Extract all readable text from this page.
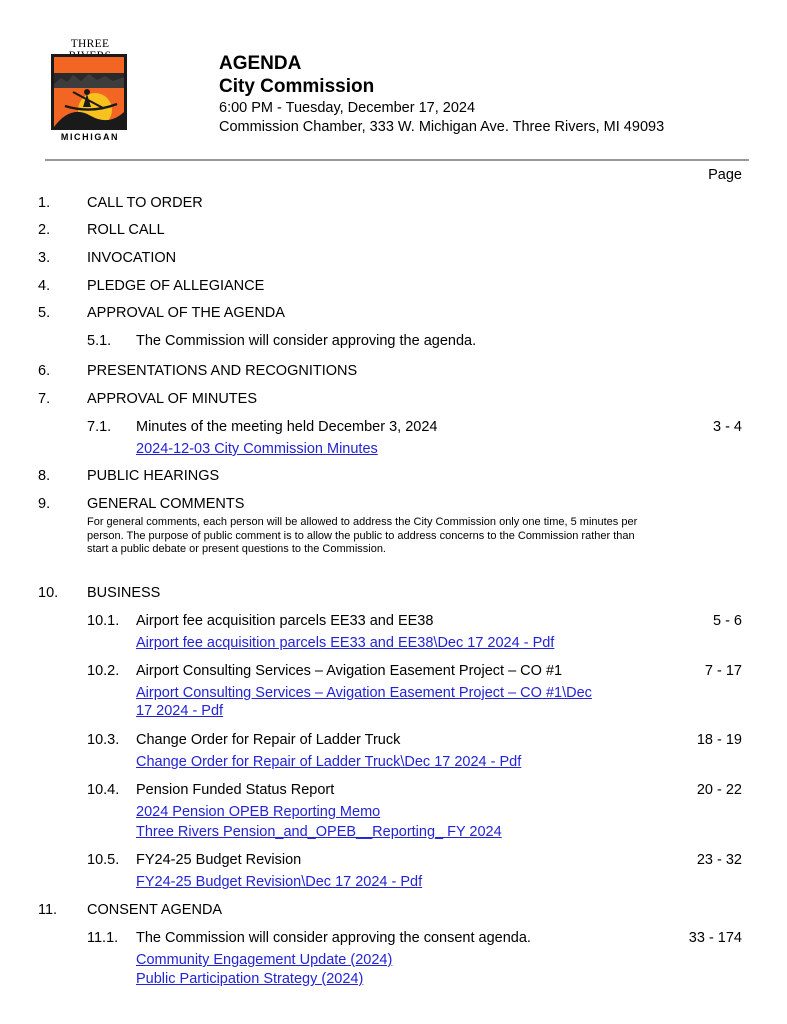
THREE
MICHIGAN
AGENDA
City Commission
6:00 PM - Tuesday, December 17, 2024
Commission Chamber, 333 W. Michigan Ave. Three Rivers, MI 49093
Page
1.	CALL TO ORDER
2.	ROLL CALL
3.	INVOCATION
4.	PLEDGE OF ALLEGIANCE
5.	APPROVAL OF THE AGENDA
5.1. The Commission will consider approving the agenda.
6.	PRESENTATIONS AND RECOGNITIONS
7.	APPROVAL OF MINUTES
7.1. Minutes of the meeting held December 3, 2024	3 - 4
2024-12-03 City Commission Minutes
8.	PUBLIC HEARINGS
9.	GENERAL COMMENTS
For general comments, each person will be allowed to address the City Commission only one time, 5 minutes per person. The purpose of public comment is to allow the public to address concerns to the Commission rather than start a public debate or present questions to the Commission.
10. BUSINESS
10.1. Airport fee acquisition parcels EE33 and EE38	5 - 6
Airport fee acquisition parcels EE33 and EE38\Dec 17 2024 - Pdf
10.2. Airport Consulting Services – Avigation Easement Project – CO #1	7 - 17
Airport Consulting Services – Avigation Easement Project – CO #1\Dec
17 2024 - Pdf
10.3. Change Order for Repair of Ladder Truck	18 - 19
Change Order for Repair of Ladder Truck\Dec 17 2024 - Pdf
10.4. Pension Funded Status Report	20 - 22
2024 Pension OPEB Reporting Memo
Three Rivers Pension_and_OPEB__Reporting_ FY 2024
10.5. FY24-25 Budget Revision	23 - 32
FY24-25 Budget Revision\Dec 17 2024 - Pdf
11. CONSENT AGENDA
11.1. The Commission will consider approving the consent agenda.	33 - 174
Community Engagement Update (2024)
Public Participation Strategy (2024)
